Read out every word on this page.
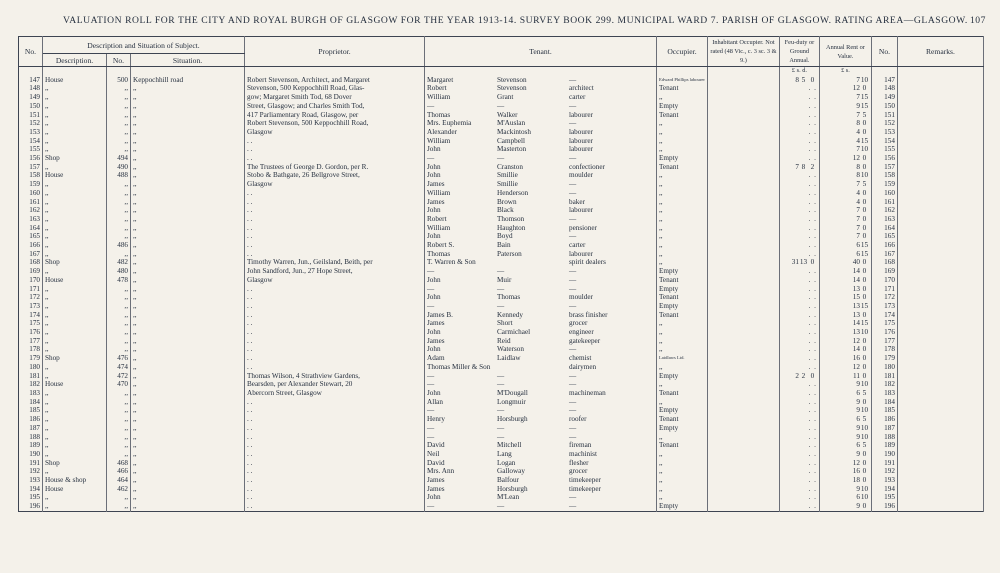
VALUATION ROLL FOR THE CITY AND ROYAL BURGH OF GLASGOW FOR THE YEAR 1913-14. SURVEY BOOK 299. MUNICIPAL WARD 7. PARISH OF GLASGOW. RATING AREA—GLASGOW. 107
No.	Description and Situation of Subject.			Proprietor.	Tenant.	Occupier.	Inhabitant Occupier. Not rated (48 Vic., c. 3 sc. 3 & 9.)	Feu-duty or Ground Annual.	Annual Rent or Value.	No.	Remarks.
	Description.	No.	Situation.								
								£ s. d.	£ s.		
147	House	500	Keppochhill road	Robert Stevenson, Architect, and Margaret	Margaret Stevenson —	Edward Phillips labourer		8 5 0	710	147	
148	,,	,,	,,	Stevenson, 500 Keppochhill Road, Glas-	Robert Stevenson architect	Tenant		. .	12 0	148	
149	,,	,,	,,	gow; Margaret Smith Tod, 68 Dover	William Grant carter	,,		. .	715	149	
150	,,	,,	,,	Street, Glasgow; and Charles Smith Tod,	— — —	Empty		. .	915	150	
151	,,	,,	,,	417 Parliamentary Road, Glasgow, per	Thomas Walker labourer	Tenant		. .	7 5	151	
152	,,	,,	,,	Robert Stevenson, 500 Keppochhill Road,	Mrs. Euphemia M'Auslan —	,,		. .	8 0	152	
153	,,	,,	,,	Glasgow	Alexander Mackintosh labourer	,,		. .	4 0	153	
154	,,	,,	,,	. .	William Campbell labourer	,,		. .	415	154	
155	,,	,,	,,	. .	John Masterton labourer	,,		. .	710	155	
156	Shop	494	,,	. .	— — —	Empty		. .	12 0	156	
157	,,	490	,,	The Trustees of George D. Gordon, per R.	John Cranston confectioner	Tenant		7 8 2	8 0	157	
158	House	488	,,	Stobo & Bathgate, 26 Bellgrove Street,	John Smillie moulder	,,		. .	810	158	
159	,,	,,	,,	Glasgow	James Smillie —	,,		. .	7 5	159	
160	,,	,,	,,	. .	William Henderson —	,,		. .	4 0	160	
161	,,	,,	,,	. .	James Brown baker	,,		. .	4 0	161	
162	,,	,,	,,	. .	John Black labourer	,,		. .	7 0	162	
163	,,	,,	,,	. .	Robert Thomson —	,,		. .	7 0	163	
164	,,	,,	,,	. .	William Haughton pensioner	,,		. .	7 0	164	
165	,,	,,	,,	. .	John Boyd —	,,		. .	7 0	165	
166	,,	486	,,	. .	Robert S. Bain carter	,,		. .	615	166	
167	,,	,,	,,	. .	Thomas Paterson labourer	,,		. .	615	167	
168	Shop	482	,,	Timothy Warren, Jun., Geilsland, Beith, per	T. Warren & Son spirit dealers	,,		3113 0	40 0	168	
169	,,	480	,,	John Sandford, Jun., 27 Hope Street,	— — —	Empty		. .	14 0	169	
170	House	478	,,	Glasgow	John Muir —	Tenant		. .	14 0	170	
171	,,	,,	,,	. .	— — —	Empty		. .	13 0	171	
172	,,	,,	,,	. .	John Thomas moulder	Tenant		. .	15 0	172	
173	,,	,,	,,	. .	— — —	Empty		. .	1315	173	
174	,,	,,	,,	. .	James B. Kennedy brass finisher	Tenant		. .	13 0	174	
175	,,	,,	,,	. .	James Short grocer	,,		. .	1415	175	
176	,,	,,	,,	. .	John Carmichael engineer	,,		. .	1310	176	
177	,,	,,	,,	. .	James Reid gatekeeper	,,		. .	12 0	177	
178	,,	,,	,,	. .	John Waterson —	,,		. .	14 0	178	
179	Shop	476	,,	. .	Adam Laidlaw chemist	Laidlaws Ltd.		. .	16 0	179	
180	,,	474	,,	. .	Thomas Miller & Son dairymen	,,		. .	12 0	180	
181	,,	472	,,	Thomas Wilson, 4 Strathview Gardens,	— — —	Empty		2 2 0	11 0	181	
182	House	470	,,	Bearsden, per Alexander Stewart, 20	— — —	,,		. .	910	182	
183	,,	,,	,,	Abercorn Street, Glasgow	John M'Dougall machineman	Tenant		. .	6 5	183	
184	,,	,,	,,	. .	Allan Longmuir —	,,		. .	9 0	184	
185	,,	,,	,,	. .	— — —	Empty		. .	910	185	
186	,,	,,	,,	. .	Henry Horsburgh roofer	Tenant		. .	6 5	186	
187	,,	,,	,,	. .	— — —	Empty		. .	910	187	
188	,,	,,	,,	. .	— — —	,,		. .	910	188	
189	,,	,,	,,	. .	David Mitchell fireman	Tenant		. .	6 5	189	
190	,,	,,	,,	. .	Neil Lang machinist	,,		. .	9 0	190	
191	Shop	468	,,	. .	David Logan flesher	,,		. .	12 0	191	
192	,,	466	,,	. .	Mrs. Ann Galloway grocer	,,		. .	16 0	192	
193	House & shop	464	,,	. .	James Balfour timekeeper	,,		. .	18 0	193	
194	House	462	,,	. .	James Horsburgh timekeeper	,,		. .	910	194	
195	,,	,,	,,	. .	John M'Lean —	,,		. .	610	195	
196	,,	,,	,,	. .	— — —	Empty		. .	9 0	196	
